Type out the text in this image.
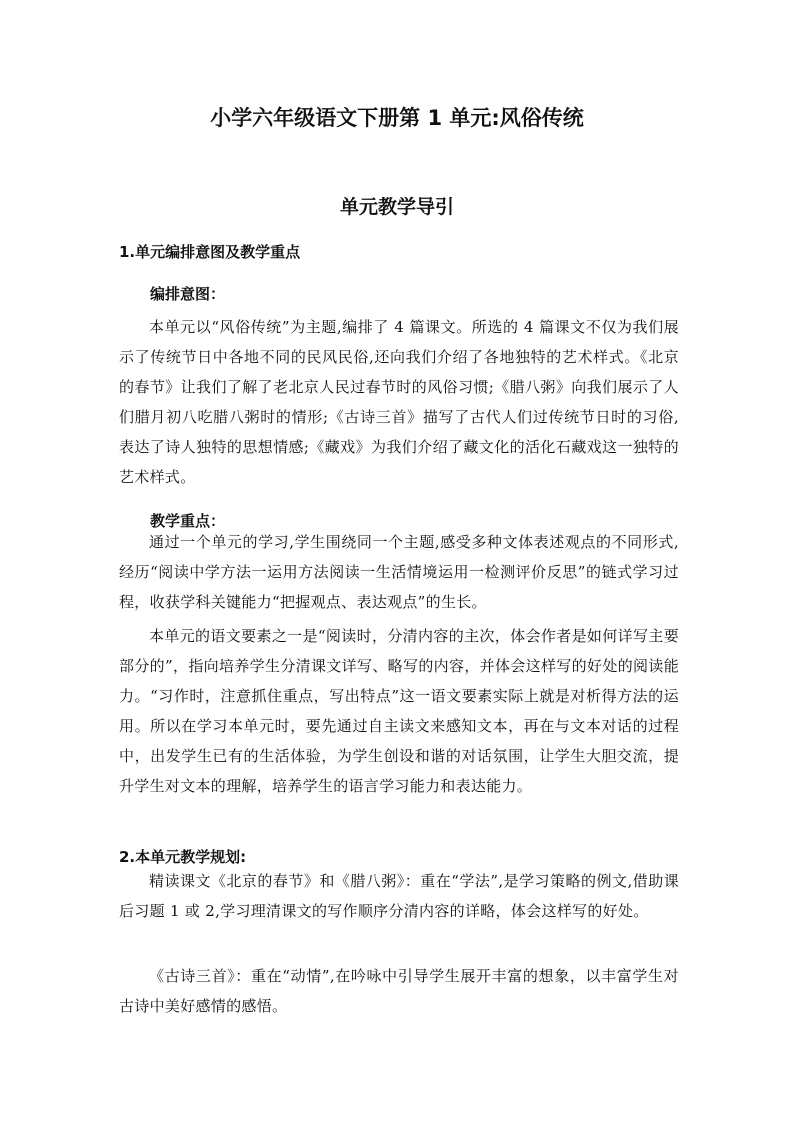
小学六年级语文下册第 1 单元:风俗传统
单元教学导引
1.单元编排意图及教学重点
编排意图：

本单元以“风俗传统”为主题,编排了 4 篇课文。所选的 4 篇课文不仅为我们展示了传统节日中各地不同的民风民俗,还向我们介绍了各地独特的艺术样式。《北京的春节》让我们了解了老北京人民过春节时的风俗习惯;《腊八粥》向我们展示了人们腊月初八吃腊八粥时的情形;《古诗三首》描写了古代人们过传统节日时的习俗,表达了诗人独特的思想情感;《藏戏》为我们介绍了藏文化的活化石藏戏这一独特的艺术样式。

教学重点：

通过一个单元的学习,学生围绕同一个主题,感受多种文体表述观点的不同形式,经历“阅读中学方法一运用方法阅读一生活情境运用一检测评价反思”的链式学习过程，收获学科关键能力“把握观点、表达观点”的生长。

本单元的语文要素之一是“阅读时，分清内容的主次，体会作者是如何详写主要部分的”，指向培养学生分清课文详写、略写的内容，并体会这样写的好处的阅读能力。“习作时，注意抓住重点，写出特点”这一语文要素实际上就是对析得方法的运用。所以在学习本单元时，要先通过自主读文来感知文本，再在与文本对话的过程中，出发学生已有的生活体验，为学生创设和谐的对话氛围，让学生大胆交流，提升学生对文本的理解，培养学生的语言学习能力和表达能力。

2.本单元教学规划:

精读课文《北京的春节》和《腊八粥》：重在“学法”,是学习策略的例文,借助课后习题 1 或 2,学习理清课文的写作顺序分清内容的详略，体会这样写的好处。

《古诗三首》：重在“动情”,在吟咏中引导学生展开丰富的想象，以丰富学生对古诗中美好感情的感悟。
